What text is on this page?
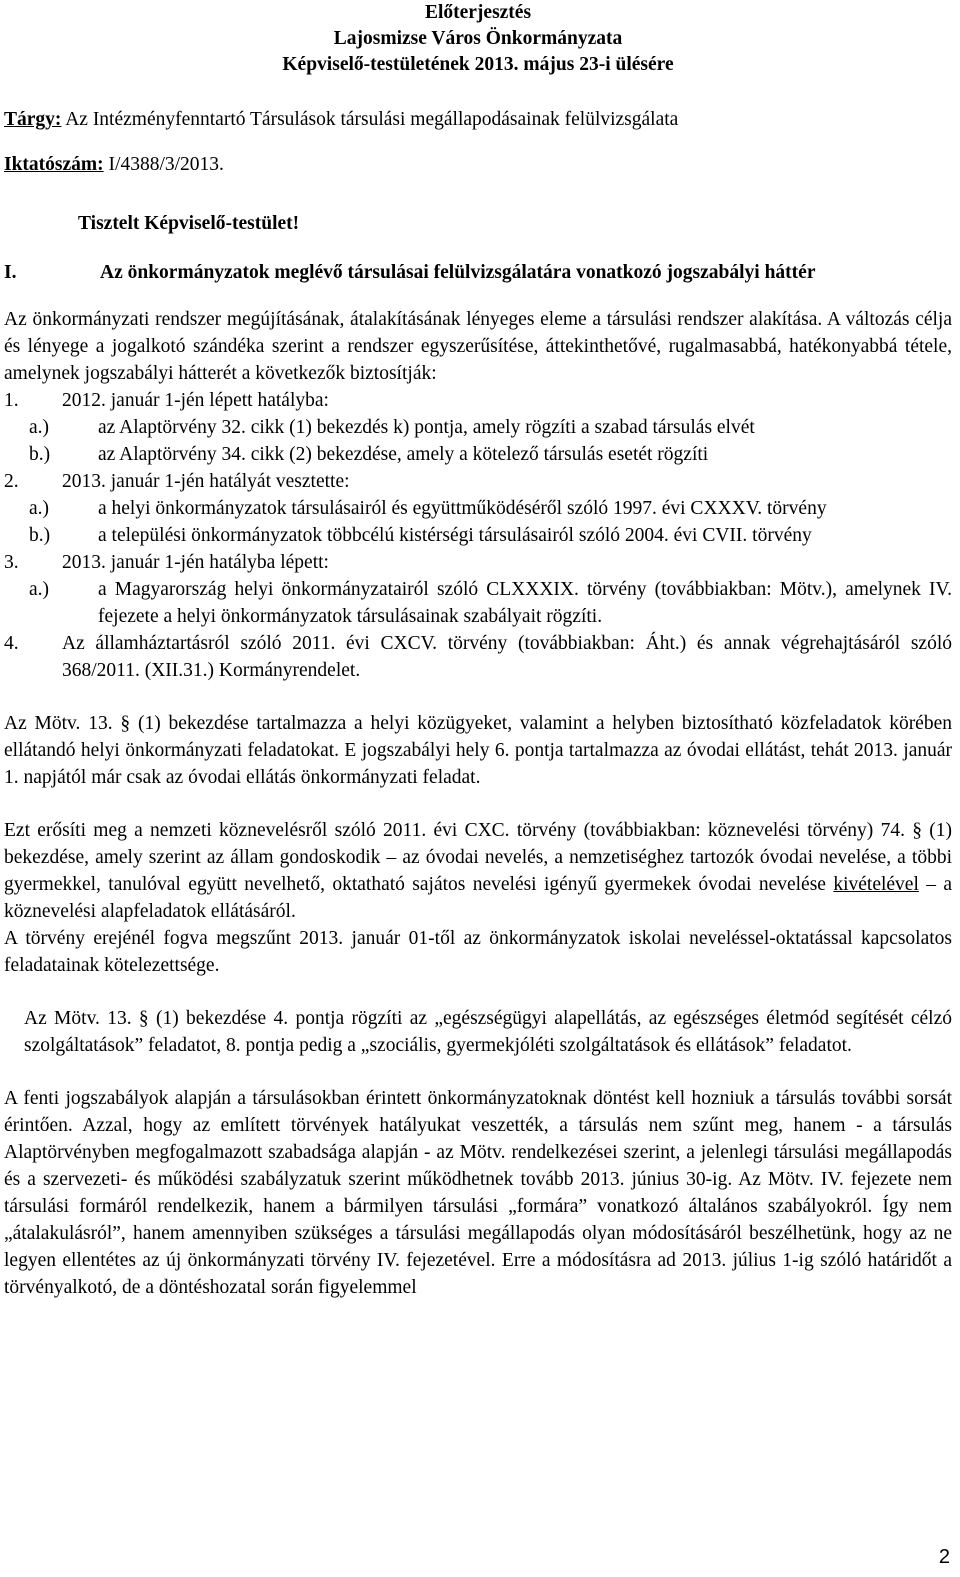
Előterjesztés
Lajosmizse Város Önkormányzata
Képviselő-testületének 2013. május 23-i ülésére
Tárgy: Az Intézményfenntartó Társulások társulási megállapodásainak felülvizsgálata
Iktatószám: I/4388/3/2013.
Tisztelt Képviselő-testület!
I.	Az önkormányzatok meglévő társulásai felülvizsgálatára vonatkozó jogszabályi háttér

Az önkormányzati rendszer megújításának, átalakításának lényeges eleme a társulási rendszer alakítása. A változás célja és lényege a jogalkotó szándéka szerint a rendszer egyszerűsítése, áttekinthetővé, rugalmasabbá, hatékonyabbá tétele, amelynek jogszabályi hátterét a következők biztosítják:

1.	2012. január 1-jén lépett hatályba:
a.)	az Alaptörvény 32. cikk (1) bekezdés k) pontja, amely rögzíti a szabad társulás elvét
b.)	az Alaptörvény 34. cikk (2) bekezdése, amely a kötelező társulás esetét rögzíti
2.	2013. január 1-jén hatályát vesztette:
a.)	a helyi önkormányzatok társulásairól és együttműködéséről szóló 1997. évi CXXXV. törvény
b.)	a települési önkormányzatok többcélú kistérségi társulásairól szóló 2004. évi CVII. törvény
3.	2013. január 1-jén hatályba lépett:
a.)	a Magyarország helyi önkormányzatairól szóló CLXXXIX. törvény (továbbiakban: Mötv.), amelynek IV. fejezete a helyi önkormányzatok társulásainak szabályait rögzíti.
4.	Az államháztartásról szóló 2011. évi CXCV. törvény (továbbiakban: Áht.) és annak végrehajtásáról szóló 368/2011. (XII.31.) Kormányrendelet.

Az Mötv. 13. § (1) bekezdése tartalmazza a helyi közügyeket, valamint a helyben biztosítható közfeladatok körében ellátandó helyi önkormányzati feladatokat. E jogszabályi hely 6. pontja tartalmazza az óvodai ellátást, tehát 2013. január 1. napjától már csak az óvodai ellátás önkormányzati feladat.

Ezt erősíti meg a nemzeti köznevelésről szóló 2011. évi CXC. törvény (továbbiakban: köznevelési törvény) 74. § (1) bekezdése, amely szerint az állam gondoskodik – az óvodai nevelés, a nemzetiséghez tartozók óvodai nevelése, a többi gyermekkel, tanulóval együtt nevelhető, oktatható sajátos nevelési igényű gyermekek óvodai nevelése kivételével – a köznevelési alapfeladatok ellátásáról.

A törvény erejénél fogva megszűnt 2013. január 01-től az önkormányzatok iskolai neveléssel-oktatással kapcsolatos feladatainak kötelezettsége.

Az Mötv. 13. § (1) bekezdése 4. pontja rögzíti az „egészségügyi alapellátás, az egészséges életmód segítését célzó szolgáltatások” feladatot, 8. pontja pedig a „szociális, gyermekjóléti szolgáltatások és ellátások” feladatot.

A fenti jogszabályok alapján a társulásokban érintett önkormányzatoknak döntést kell hozniuk a társulás további sorsát érintően. Azzal, hogy az említett törvények hatályukat veszették, a társulás nem szűnt meg, hanem - a társulás Alaptörvényben megfogalmazott szabadsága alapján - az Mötv. rendelkezései szerint, a jelenlegi társulási megállapodás és a szervezeti- és működési szabályzatuk szerint működhetnek tovább 2013. június 30-ig. Az Mötv. IV. fejezete nem társulási formáról rendelkezik, hanem a bármilyen társulási „formára” vonatkozó általános szabályokról. Így nem „átalakulásról”, hanem amennyiben szükséges a társulási megállapodás olyan módosításáról beszélhetünk, hogy az ne legyen ellentétes az új önkormányzati törvény IV. fejezetével. Erre a módosításra ad 2013. július 1-ig szóló határidőt a törvényalkotó, de a döntéshozatal során figyelemmel

2
